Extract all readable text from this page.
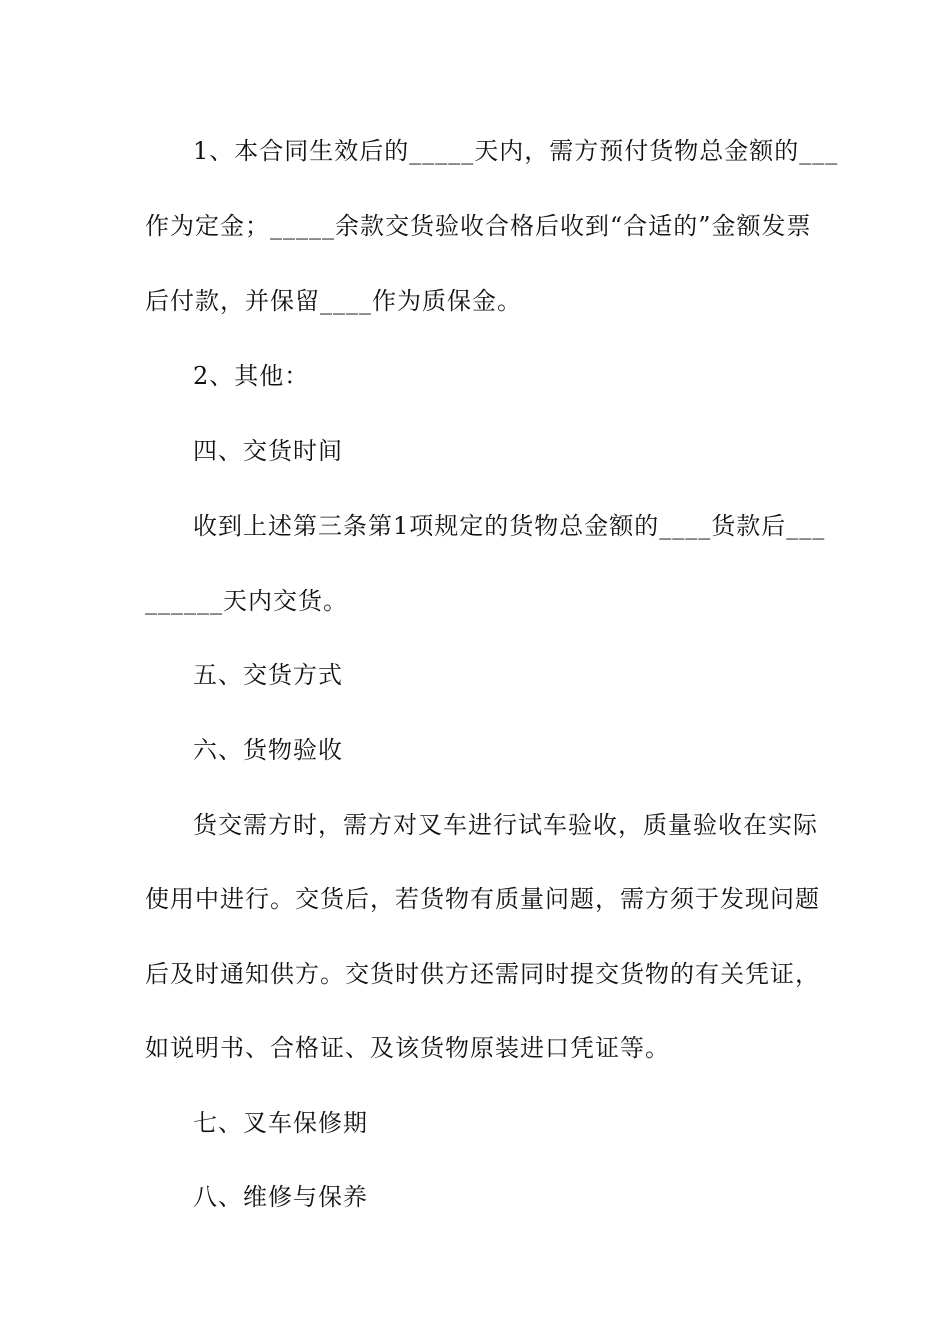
1、本合同生效后的_____天内，需方预付货物总金额的___
作为定金；_____余款交货验收合格后收到“合适的”金额发票
后付款，并保留____作为质保金。
2、其他：
四、交货时间
收到上述第三条第1项规定的货物总金额的____货款后___
______天内交货。
五、交货方式
六、货物验收
货交需方时，需方对叉车进行试车验收，质量验收在实际
使用中进行。交货后，若货物有质量问题，需方须于发现问题
后及时通知供方。交货时供方还需同时提交货物的有关凭证，
如说明书、合格证、及该货物原装进口凭证等。
七、叉车保修期
八、维修与保养
